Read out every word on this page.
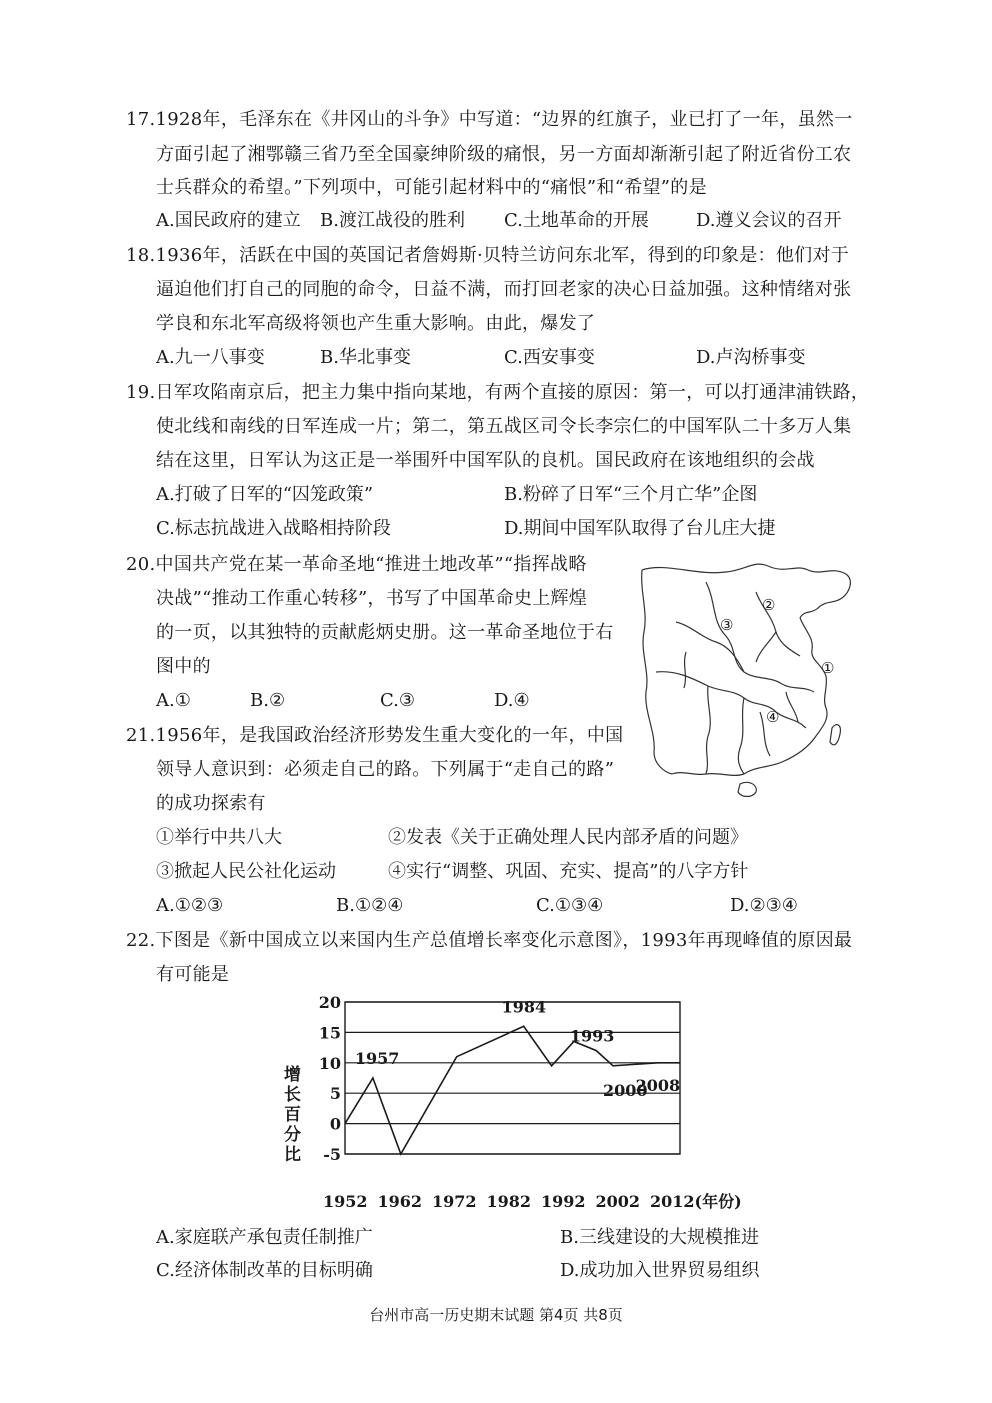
17.1928年，毛泽东在《井冈山的斗争》中写道：“边界的红旗子，业已打了一年，虽然一
方面引起了湘鄂赣三省乃至全国豪绅阶级的痛恨，另一方面却渐渐引起了附近省份工农
士兵群众的希望。”下列项中，可能引起材料中的“痛恨”和“希望”的是
A.国民政府的建立 B.渡江战役的胜利 C.土地革命的开展	D.遵义会议的召开
18.1936年，活跃在中国的英国记者詹姆斯·贝特兰访问东北军，得到的印象是：他们对于
逼迫他们打自己的同胞的命令，日益不满，而打回老家的决心日益加强。这种情绪对张
学良和东北军高级将领也产生重大影响。由此，爆发了
A.九一八事变	B.华北事变	C.西安事变	D.卢沟桥事变
19.日军攻陷南京后，把主力集中指向某地，有两个直接的原因：第一，可以打通津浦铁路，
使北线和南线的日军连成一片；第二，第五战区司令长李宗仁的中国军队二十多万人集
结在这里，日军认为这正是一举围歼中国军队的良机。国民政府在该地组织的会战
A.打破了日军的“囚笼政策”	B.粉碎了日军“三个月亡华”企图
C.标志抗战进入战略相持阶段	D.期间中国军队取得了台儿庄大捷
20.中国共产党在某一革命圣地“推进土地改革”“指挥战略
决战”“推动工作重心转移”，书写了中国革命史上辉煌
的一页，以其独特的贡献彪炳史册。这一革命圣地位于右
图中的
A.①	B.②	C.③	D.④
①
②
③
④
21.1956年，是我国政治经济形势发生重大变化的一年，中国
领导人意识到：必须走自己的路。下列属于“走自己的路”
的成功探索有
①举行中共八大	②发表《关于正确处理人民内部矛盾的问题》
③掀起人民公社化运动	④实行“调整、巩固、充实、提高”的八字方针
A.①②③	B.①②④	C.①③④	D.②③④
22.下图是《新中国成立以来国内生产总值增长率变化示意图》，1993年再现峰值的原因最
有可能是
20
15
10
5
0
-5
1952 1962 1972 1982 1992 2002 2012(年份)
增
长
百
分
比
1957
1984
1993
2000
2008
A.家庭联产承包责任制推广	B.三线建设的大规模推进
C.经济体制改革的目标明确	D.成功加入世界贸易组织
台州市高一历史期末试题 第4页 共8页
